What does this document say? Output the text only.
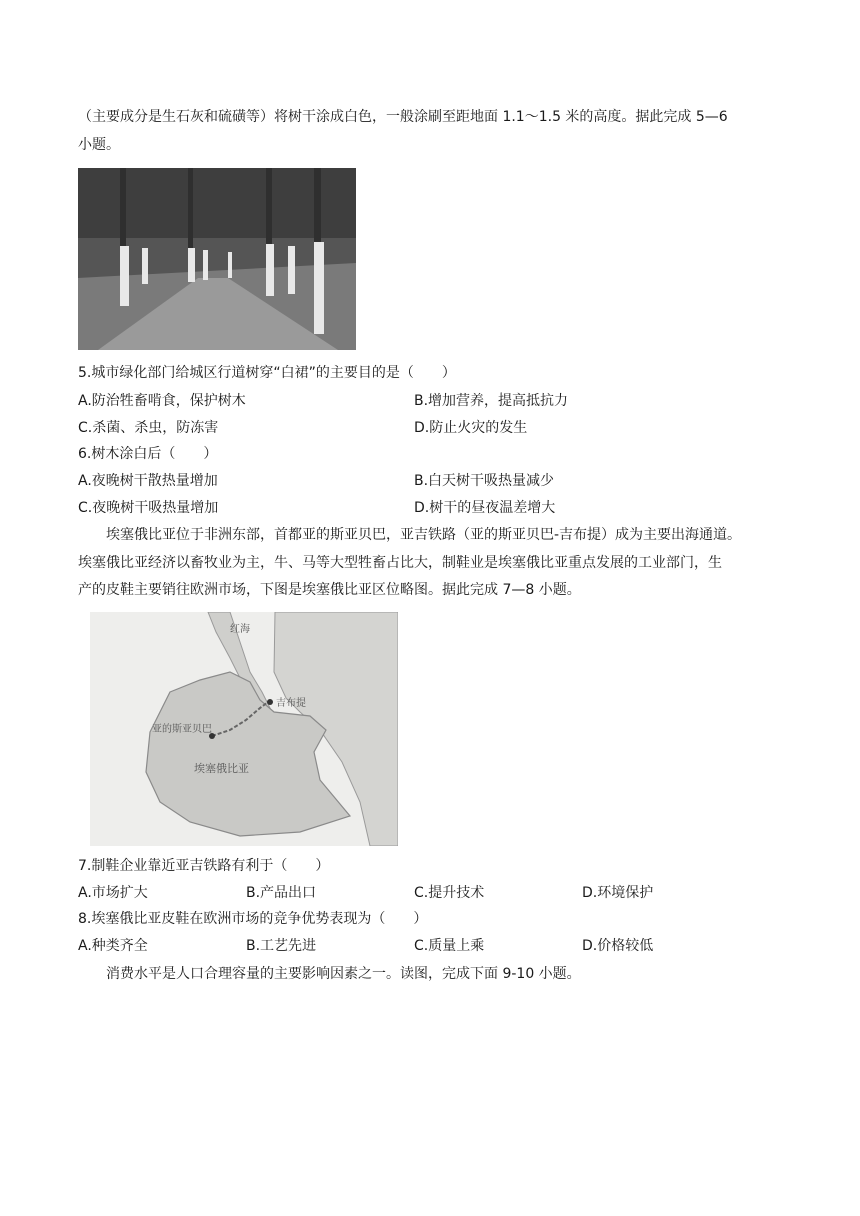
（主要成分是生石灰和硫磺等）将树干涂成白色，一般涂刷至距地面 1.1～1.5 米的高度。据此完成 5—6
小题。
5.城市绿化部门给城区行道树穿“白裙”的主要目的是（　　）
A.防治牲畜啃食，保护树木	B.增加营养，提高抵抗力
C.杀菌、杀虫，防冻害	D.防止火灾的发生
6.树木涂白后（　　）
A.夜晚树干散热量增加	B.白天树干吸热量减少
C.夜晚树干吸热量增加	D.树干的昼夜温差增大
埃塞俄比亚位于非洲东部，首都亚的斯亚贝巴，亚吉铁路（亚的斯亚贝巴-吉布提）成为主要出海通道。
埃塞俄比亚经济以畜牧业为主，牛、马等大型牲畜占比大，制鞋业是埃塞俄比亚重点发展的工业部门，生
产的皮鞋主要销往欧洲市场，下图是埃塞俄比亚区位略图。据此完成 7—8 小题。
红海
吉布提
亚的斯亚贝巴
埃塞俄比亚
7.制鞋企业靠近亚吉铁路有利于（　　）
A.市场扩大	B.产品出口	C.提升技术	D.环境保护
8.埃塞俄比亚皮鞋在欧洲市场的竞争优势表现为（　　）
A.种类齐全	B.工艺先进	C.质量上乘	D.价格较低
消费水平是人口合理容量的主要影响因素之一。读图，完成下面 9-10 小题。
